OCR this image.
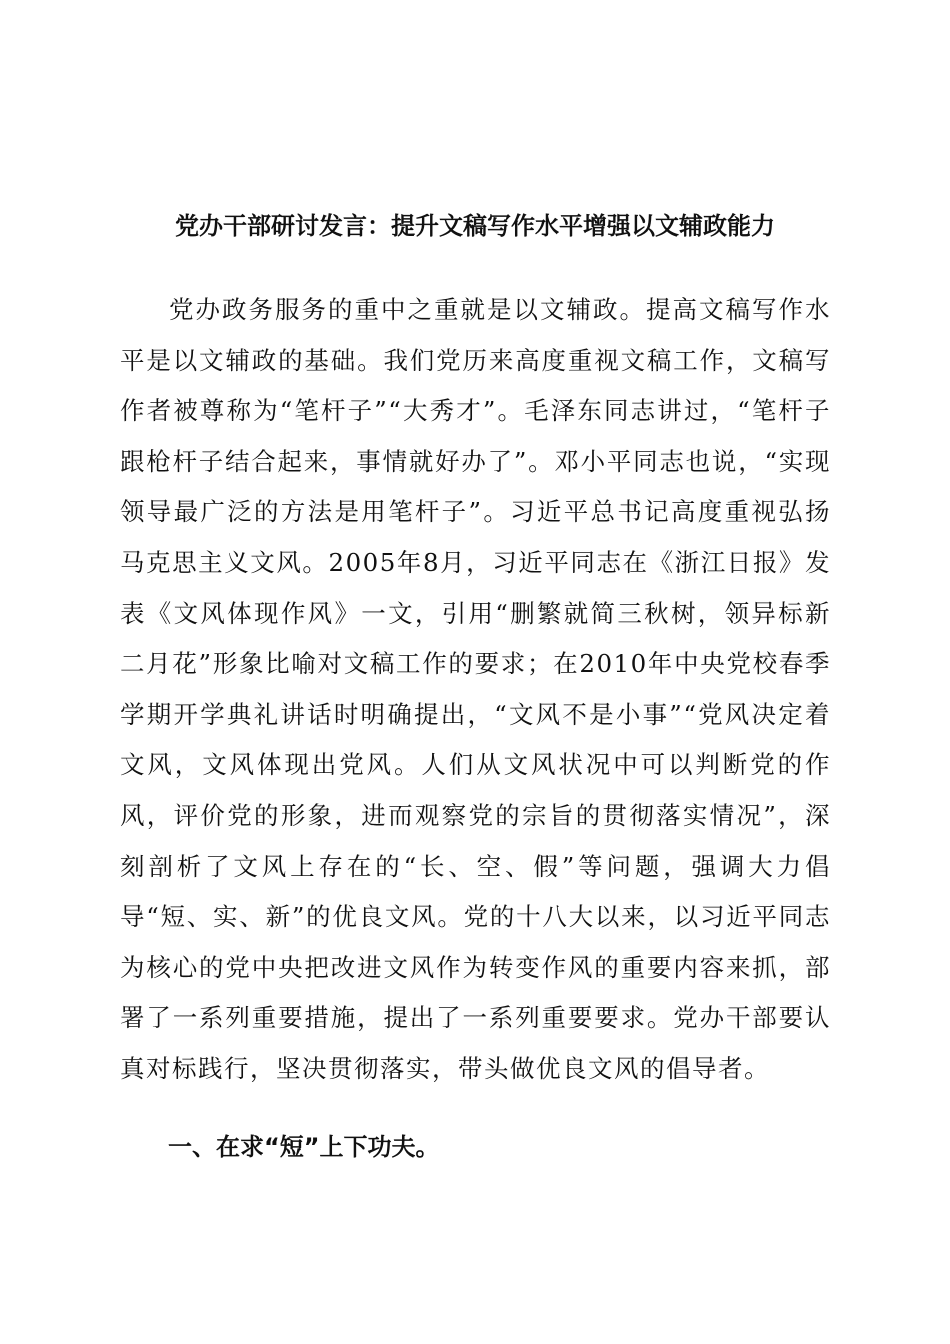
党办干部研讨发言：提升文稿写作水平增强以文辅政能力

党办政务服务的重中之重就是以文辅政。提高文稿写作水平是以文辅政的基础。我们党历来高度重视文稿工作，文稿写作者被尊称为“笔杆子”“大秀才”。毛泽东同志讲过，“笔杆子跟枪杆子结合起来，事情就好办了”。邓小平同志也说，“实现领导最广泛的方法是用笔杆子”。习近平总书记高度重视弘扬马克思主义文风。2005年8月，习近平同志在《浙江日报》发表《文风体现作风》一文，引用“删繁就简三秋树，领异标新二月花”形象比喻对文稿工作的要求；在2010年中央党校春季学期开学典礼讲话时明确提出，“文风不是小事”“党风决定着文风，文风体现出党风。人们从文风状况中可以判断党的作风，评价党的形象，进而观察党的宗旨的贯彻落实情况”，深刻剖析了文风上存在的“长、空、假”等问题，强调大力倡导“短、实、新”的优良文风。党的十八大以来，以习近平同志为核心的党中央把改进文风作为转变作风的重要内容来抓，部署了一系列重要措施，提出了一系列重要要求。党办干部要认真对标践行，坚决贯彻落实，带头做优良文风的倡导者。

一、在求“短”上下功夫。
